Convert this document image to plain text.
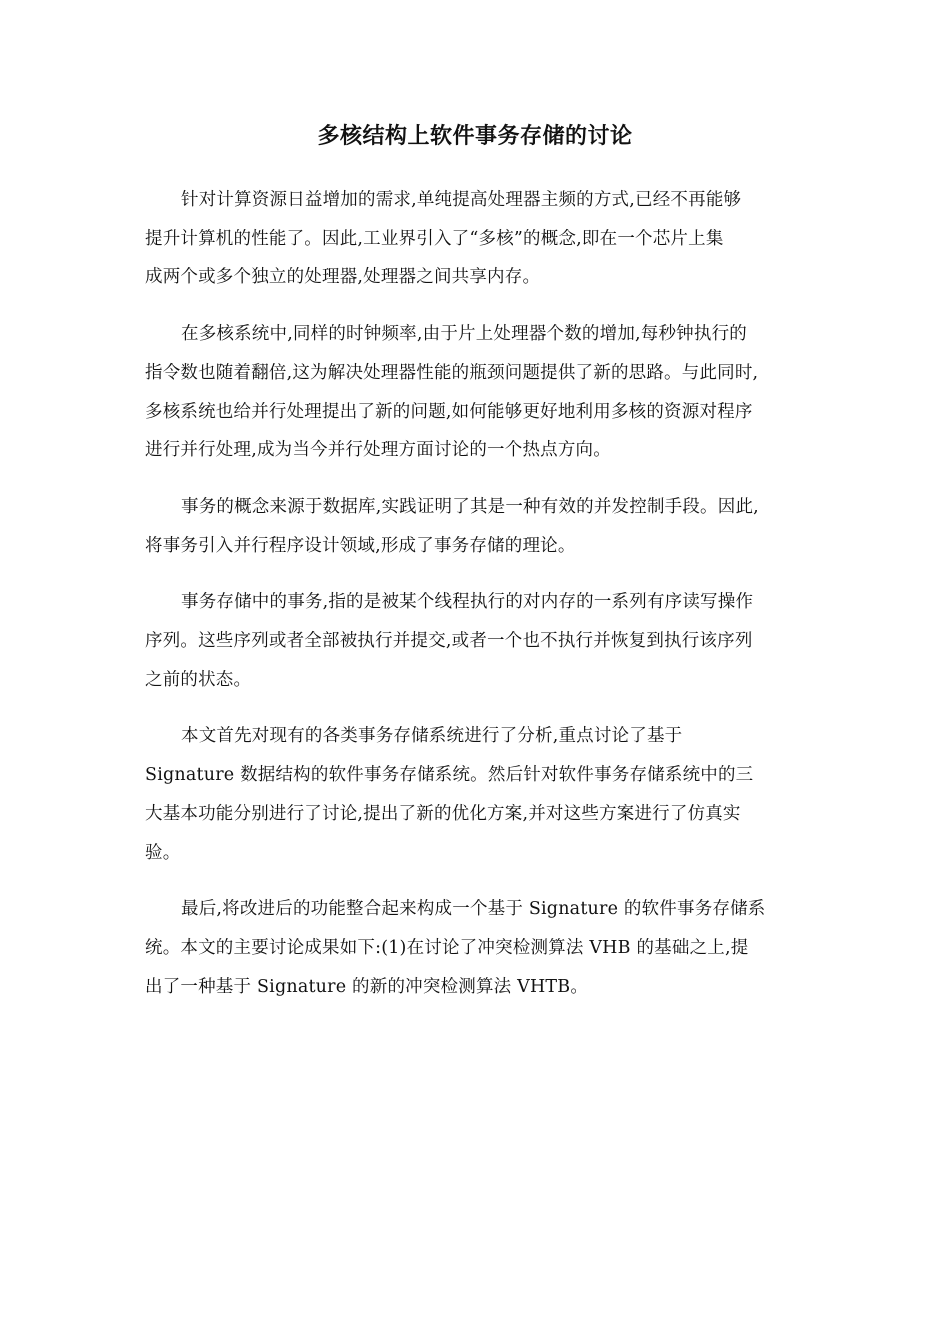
多核结构上软件事务存储的讨论

针对计算资源日益增加的需求,单纯提高处理器主频的方式,已经不再能够
提升计算机的性能了。因此,工业界引入了“多核”的概念,即在一个芯片上集
成两个或多个独立的处理器,处理器之间共享内存。

在多核系统中,同样的时钟频率,由于片上处理器个数的增加,每秒钟执行的
指令数也随着翻倍,这为解决处理器性能的瓶颈问题提供了新的思路。与此同时,
多核系统也给并行处理提出了新的问题,如何能够更好地利用多核的资源对程序
进行并行处理,成为当今并行处理方面讨论的一个热点方向。

事务的概念来源于数据库,实践证明了其是一种有效的并发控制手段。因此,
将事务引入并行程序设计领域,形成了事务存储的理论。

事务存储中的事务,指的是被某个线程执行的对内存的一系列有序读写操作
序列。这些序列或者全部被执行并提交,或者一个也不执行并恢复到执行该序列
之前的状态。

本文首先对现有的各类事务存储系统进行了分析,重点讨论了基于
Signature 数据结构的软件事务存储系统。然后针对软件事务存储系统中的三
大基本功能分别进行了讨论,提出了新的优化方案,并对这些方案进行了仿真实
验。

最后,将改进后的功能整合起来构成一个基于 Signature 的软件事务存储系
统。本文的主要讨论成果如下:(1)在讨论了冲突检测算法 VHB 的基础之上,提
出了一种基于 Signature 的新的冲突检测算法 VHTB。
